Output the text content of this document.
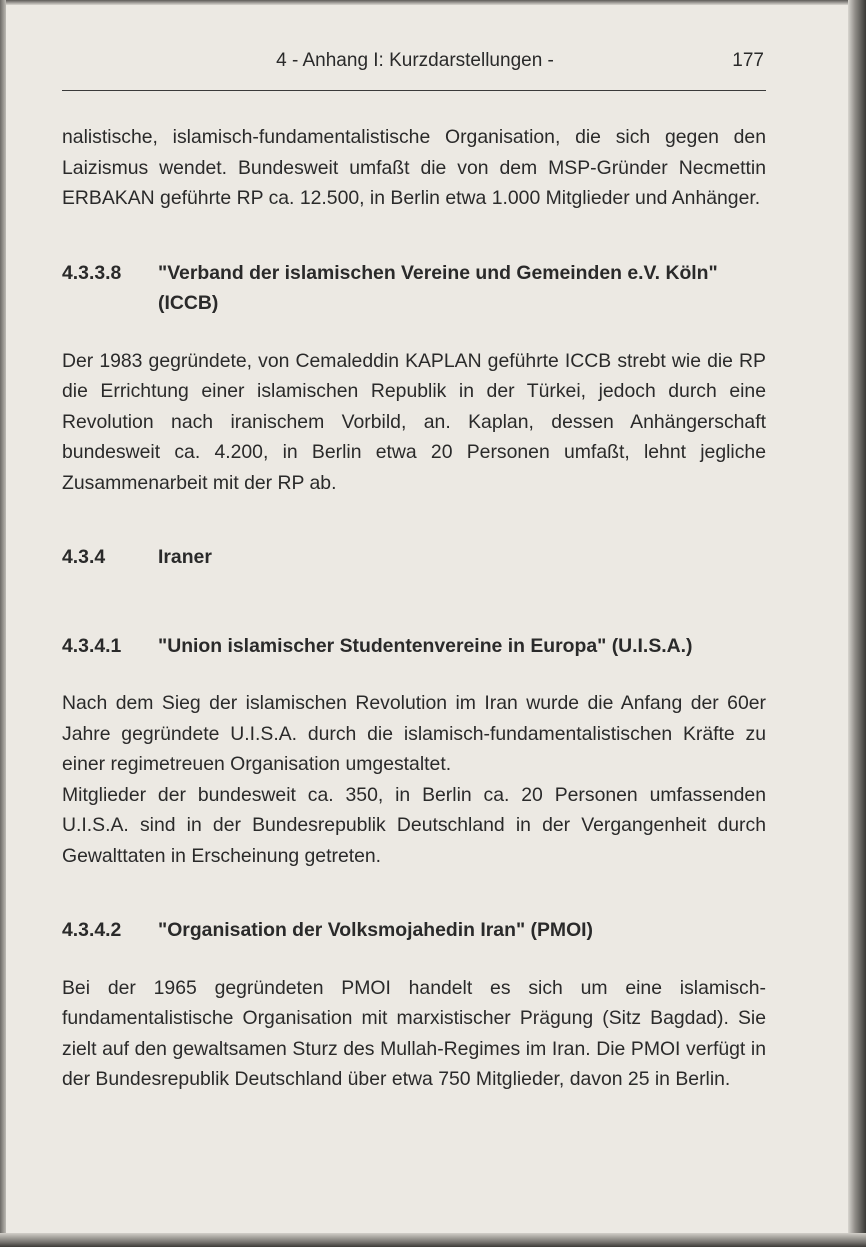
4 - Anhang I: Kurzdarstellungen -	177

nalistische, islamisch-fundamentalistische Organisation, die sich gegen den Laizismus wendet. Bundesweit umfaßt die von dem MSP-Gründer Necmettin ERBAKAN geführte RP ca. 12.500, in Berlin etwa 1.000 Mitglieder und Anhänger.

4.3.3.8	"Verband der islamischen Vereine und Gemeinden e.V. Köln" (ICCB)

Der 1983 gegründete, von Cemaleddin KAPLAN geführte ICCB strebt wie die RP die Errichtung einer islamischen Republik in der Türkei, jedoch durch eine Revolution nach iranischem Vorbild, an. Kaplan, dessen Anhängerschaft bundesweit ca. 4.200, in Berlin etwa 20 Personen umfaßt, lehnt jegliche Zusammenarbeit mit der RP ab.

4.3.4	Iraner
4.3.4.1	"Union islamischer Studentenvereine in Europa" (U.I.S.A.)

Nach dem Sieg der islamischen Revolution im Iran wurde die Anfang der 60er Jahre gegründete U.I.S.A. durch die islamisch-fundamentalistischen Kräfte zu einer regimetreuen Organisation umgestaltet.

Mitglieder der bundesweit ca. 350, in Berlin ca. 20 Personen umfassenden U.I.S.A. sind in der Bundesrepublik Deutschland in der Vergangenheit durch Gewalttaten in Erscheinung getreten.

4.3.4.2	"Organisation der Volksmojahedin Iran" (PMOI)

Bei der 1965 gegründeten PMOI handelt es sich um eine islamisch-fundamentalistische Organisation mit marxistischer Prägung (Sitz Bagdad). Sie zielt auf den gewaltsamen Sturz des Mullah-Regimes im Iran. Die PMOI verfügt in der Bundesrepublik Deutschland über etwa 750 Mitglieder, davon 25 in Berlin.
